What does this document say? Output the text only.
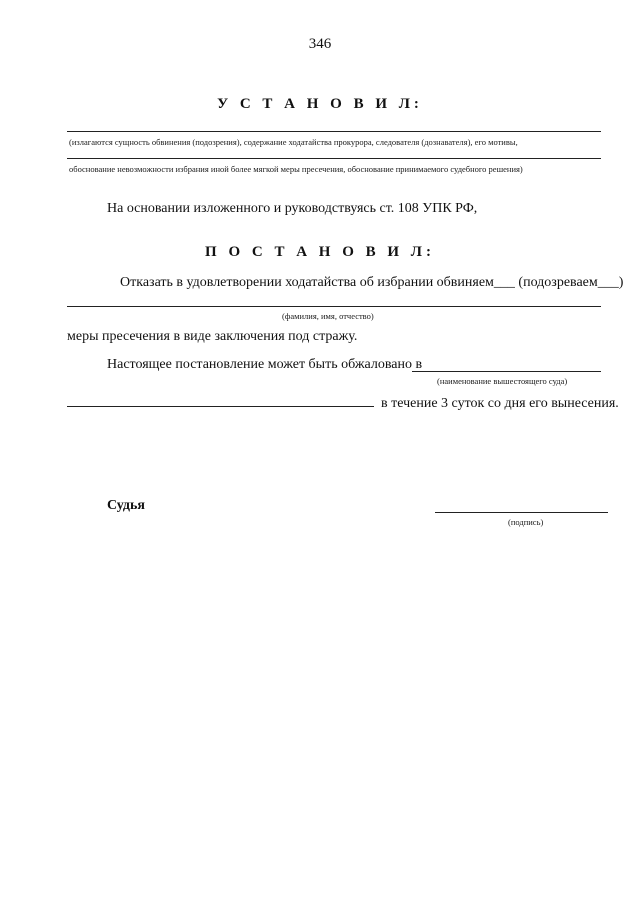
346
У С Т А Н О В И Л:
(излагаются сущность обвинения (подозрения), содержание ходатайства прокурора, следователя (дознавателя), его мотивы,
обоснование невозможности избрания иной более мягкой меры пресечения, обоснование принимаемого судебного решения)
На основании изложенного и руководствуясь ст. 108 УПК РФ,
П О С Т А Н О В И Л:
Отказать в удовлетворении ходатайства об избрании обвиняем___ (подозреваем___)
(фамилия, имя, отчество)
меры пресечения в виде заключения под стражу.
Настоящее постановление может быть обжаловано в
(наименование вышестоящего суда)
в течение 3 суток со дня его вынесения.
Судья
(подпись)
